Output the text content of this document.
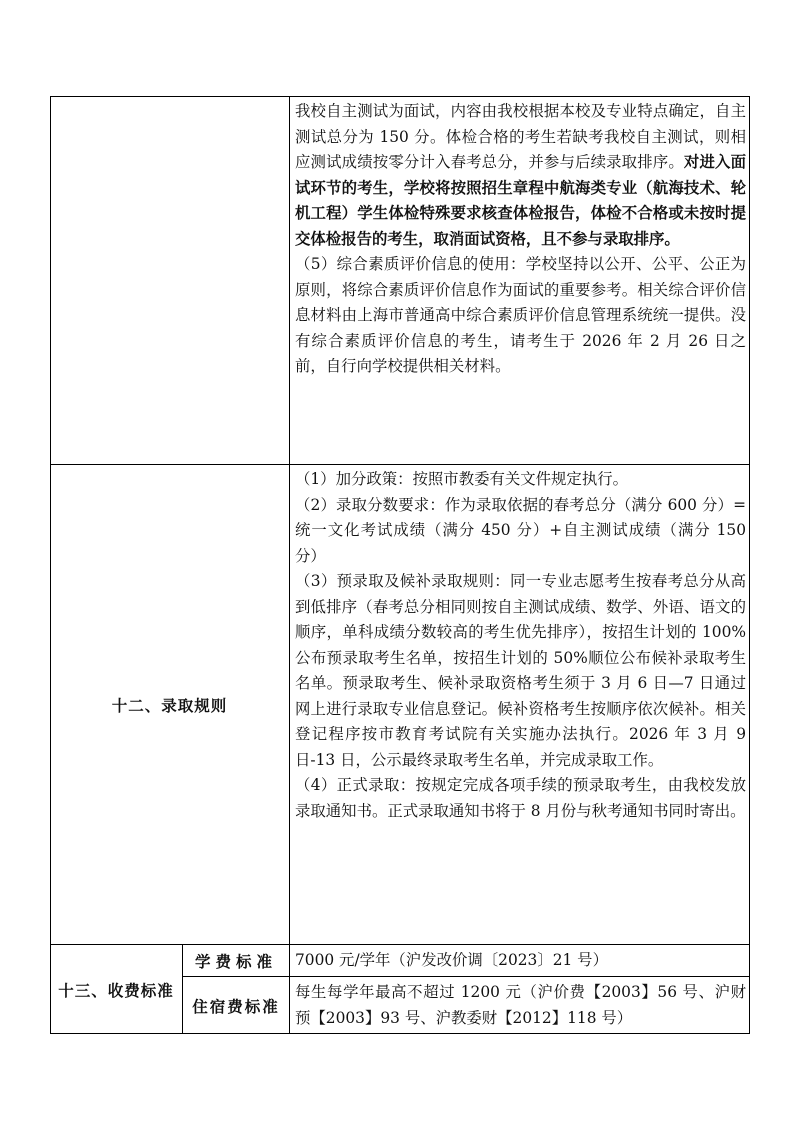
我校自主测试为面试，内容由我校根据本校及专业特点确定，自主测试总分为 150 分。体检合格的考生若缺考我校自主测试，则相应测试成绩按零分计入春考总分，并参与后续录取排序。对进入面试环节的考生，学校将按照招生章程中航海类专业（航海技术、轮机工程）学生体检特殊要求核查体检报告，体检不合格或未按时提交体检报告的考生，取消面试资格，且不参与录取排序。

（5）综合素质评价信息的使用：学校坚持以公开、公平、公正为原则，将综合素质评价信息作为面试的重要参考。相关综合评价信息材料由上海市普通高中综合素质评价信息管理系统统一提供。没有综合素质评价信息的考生，请考生于 2026 年 2 月 26 日之前，自行向学校提供相关材料。

十二、录取规则

（1）加分政策：按照市教委有关文件规定执行。

（2）录取分数要求：作为录取依据的春考总分（满分 600 分）=统一文化考试成绩（满分 450 分）+自主测试成绩（满分 150 分）

（3）预录取及候补录取规则：同一专业志愿考生按春考总分从高到低排序（春考总分相同则按自主测试成绩、数学、外语、语文的顺序，单科成绩分数较高的考生优先排序），按招生计划的 100%公布预录取考生名单，按招生计划的 50%顺位公布候补录取考生名单。预录取考生、候补录取资格考生须于 3 月 6 日—7 日通过网上进行录取专业信息登记。候补资格考生按顺序依次候补。相关登记程序按市教育考试院有关实施办法执行。2026 年 3 月 9 日-13 日，公示最终录取考生名单，并完成录取工作。

（4）正式录取：按规定完成各项手续的预录取考生，由我校发放录取通知书。正式录取通知书将于 8 月份与秋考通知书同时寄出。

十三、收费标准
学费标准
住宿费标准
7000 元/学年（沪发改价调〔2023〕21 号）
每生每学年最高不超过 1200 元（沪价费【2003】56 号、沪财预【2003】93 号、沪教委财【2012】118 号）
